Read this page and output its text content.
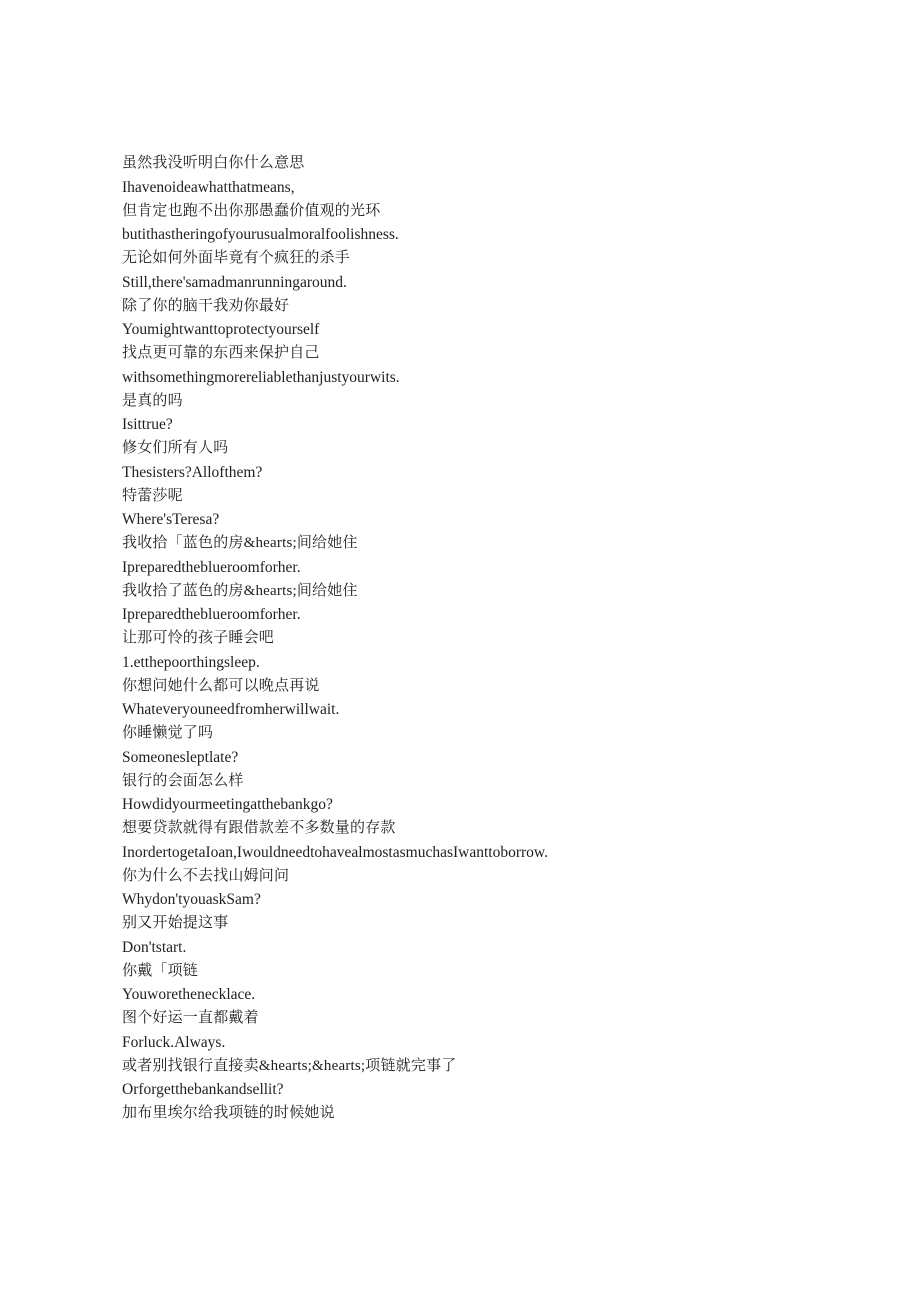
虽然我没听明白你什么意思
Ihavenoideawhatthatmeans,
但肯定也跑不出你那愚蠢价值观的光环
butithastheringofyourusualmoralfoolishness.
无论如何外面毕竟有个疯狂的杀手
Still,there'samadmanrunningaround.
除了你的脑干我劝你最好
Youmightwanttoprotectyourself
找点更可靠的东西来保护自己
withsomethingmorereliablethanjustyourwits.
是真的吗
Isittrue?
修女们所有人吗
Thesisters?Allofthem?
特蕾莎呢
Where'sTeresa?
我收拾「蓝色的房&hearts;间给她住
Ipreparedtheblueroomforher.
我收拾了蓝色的房&hearts;间给她住
Ipreparedtheblueroomforher.
让那可怜的孩子睡会吧
1.etthepoorthingsleep.
你想问她什么都可以晚点再说
Whateveryouneedfromherwillwait.
你睡懒觉了吗
Someonesleptlate?
银行的会面怎么样
Howdidyourmeetingatthebankgo?
想要贷款就得有跟借款差不多数量的存款
InordertogetaIoan,IwouldneedtohavealmostasmuchasIwanttoborrow.
你为什么不去找山姆问问
Whydon'tyouaskSam?
别又开始提这事
Don'tstart.
你戴「项链
Youworethenecklace.
图个好运一直都戴着
Forluck.Always.
或者别找银行直接卖&hearts;&hearts;项链就完事了
Orforgetthebankandsellit?
加布里埃尔给我项链的时候她说
